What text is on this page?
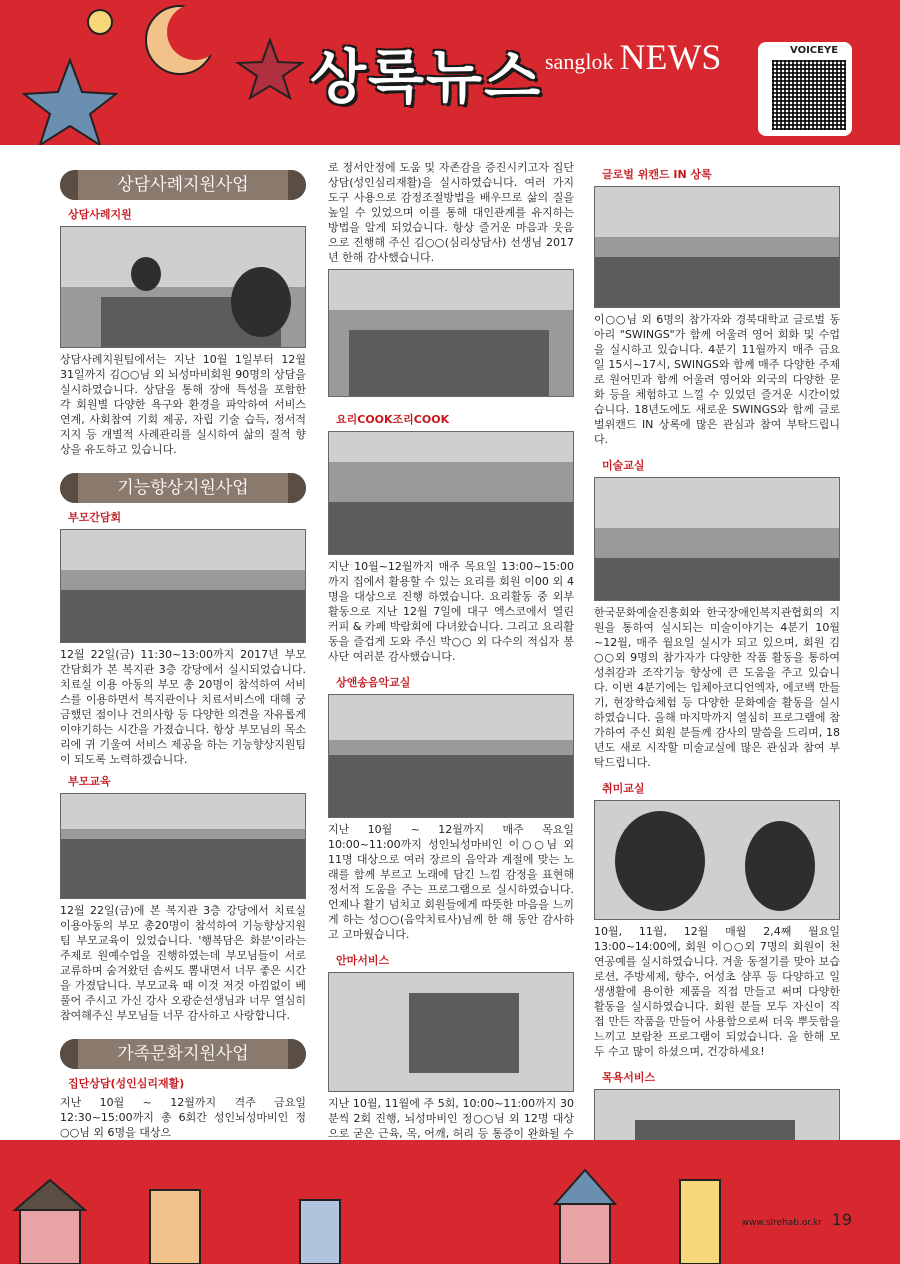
상록뉴스 sanglok NEWS	VOICEYE
상담사례지원사업
상담사례지원
상담사례지원팀에서는 지난 10월 1일부터 12월 31일까지 김○○님 외 뇌성마비회원 90명의 상담을 실시하였습니다. 상담을 통해 장애 특성을 포함한 각 회원별 다양한 욕구와 환경을 파악하여 서비스 연계, 사회참여 기회 제공, 자립 기술 습득, 정서적 지지 등 개별적 사례관리를 실시하여 삶의 질적 향상을 유도하고 있습니다.
기능향상지원사업
부모간담회
12월 22일(금) 11:30~13:00까지 2017년 부모간담회가 본 복지관 3층 강당에서 실시되었습니다. 치료실 이용 아동의 부모 총 20명이 참석하여 서비스를 이용하면서 복지관이나 치료서비스에 대해 궁금했던 점이나 건의사항 등 다양한 의견을 자유롭게 이야기하는 시간을 가졌습니다. 항상 부모님의 목소리에 귀 기울여 서비스 제공을 하는 기능향상지원팀이 되도록 노력하겠습니다.
부모교육
12월 22일(금)에 본 복지관 3층 강당에서 치료실 이용아동의 부모 총20명이 참석하여 기능향상지원팀 부모교육이 있었습니다. '행복담은 화분'이라는 주제로 원예수업을 진행하였는데 부모님들이 서로 교류하며 숨겨왔던 솜씨도 뽐내면서 너무 좋은 시간을 가졌답니다. 부모교육 때 이것 저것 아낌없이 베풀어 주시고 가신 강사 오광순선생님과 너무 열심히 참여해주신 부모님들 너무 감사하고 사랑합니다.
가족문화지원사업
집단상담(성인심리재활)
지난 10월 ~ 12월까지 격주 금요일 12:30~15:00까지 총 6회간 성인뇌성마비인 정○○님 외 6명을 대상으
로 정서안정에 도움 및 자존감을 증진시키고자 집단상담(성인심리재활)을 실시하였습니다. 여러 가지 도구 사용으로 감정조절방법을 배우므로 삶의 질을 높일 수 있었으며 이를 통해 대인관계를 유지하는 방법을 알게 되었습니다. 항상 즐거운 마음과 웃음으로 진행해 주신 김○○(심리상담사) 선생님 2017년 한해 감사했습니다.
요리COOK조리COOK
지난 10월~12월까지 매주 목요일 13:00~15:00까지 집에서 활용할 수 있는 요리를 회원 이00 외 4명을 대상으로 진행 하였습니다. 요리활동 중 외부활동으로 지난 12월 7일에 대구 엑스코에서 열린 커피 & 카페 박람회에 다녀왔습니다. 그리고 요리활동을 즐겁게 도와 주신 박○○ 외 다수의 적십자 봉사단 여러분 감사했습니다.
상앤송음악교실
지난 10월 ~ 12월까지 매주 목요일 10:00~11:00까지 성인뇌성마비인 이○○님 외 11명 대상으로 여러 장르의 음악과 계절에 맞는 노래를 함께 부르고 노래에 담긴 느낌 감정을 표현해 정서적 도움을 주는 프로그램으로 실시하였습니다. 언제나 활기 넘치고 회원들에게 따뜻한 마음을 느끼게 하는 성○○(음악치료사)님께 한 해 동안 감사하고 고마웠습니다.
안마서비스
지난 10월, 11월에 주 5회, 10:00~11:00까지 30분씩 2회 진행, 뇌성마비인 정○○님 외 12명 대상으로 굳은 근육, 목, 어깨, 허리 등 통증이 완화될 수
글로벌 위캔드 IN 상록
이○○님 외 6명의 참가자와 경북대학교 글로벌 동아리 "SWINGS"가 함께 어울려 영어 회화 및 수업을 실시하고 있습니다. 4분기 11월까지 매주 금요일 15시~17시, SWINGS와 함께 매주 다양한 주제로 원어민과 함께 어울려 영어와 외국의 다양한 문화 등을 체험하고 느낄 수 있었던 즐거운 시간이었습니다. 18년도에도 새로운 SWINGS와 함께 글로벌위캔드 IN 상록에 많은 관심과 참여 부탁드립니다.
미술교실
한국문화예술진흥회와 한국장애인복지관협회의 지원을 통하여 실시되는 미술이야기는 4분기 10월~12월, 매주 월요일 실시가 되고 있으며, 회원 김○○외 9명의 참가자가 다양한 작품 활동을 통하여 성취감과 조작기능 향상에 큰 도움을 주고 있습니다. 이번 4분기에는 입체아코디언엑자, 에코백 만들기, 현장학습체험 등 다양한 문화예술 활동을 실시하였습니다. 올해 마지막까지 열심히 프로그램에 참가하여 주신 회원 분들께 감사의 말씀을 드리며, 18년도 새로 시작할 미술교실에 많은 관심과 참여 부탁드립니다.
취미교실
10월, 11월, 12월 매월 2,4째 월요일 13:00~14:00에, 회원 이○○외 7명의 회원이 천연공예를 실시하였습니다. 겨울 동절기를 맞아 보습로션, 주방세제, 향수, 어성초 샴푸 등 다양하고 일생생활에 용이한 제품을 직접 만들고 써며 다양한 활동을 실시하였습니다. 회원 분들 모두 자신이 직접 만든 작품을 만들어 사용함으로써 더욱 뿌듯함을 느끼고 보람찬 프로그램이 되었습니다. 올 한해 모두 수고 많이 하셨으며, 건강하세요!
목욕서비스
www.slrehab.or.kr 19
